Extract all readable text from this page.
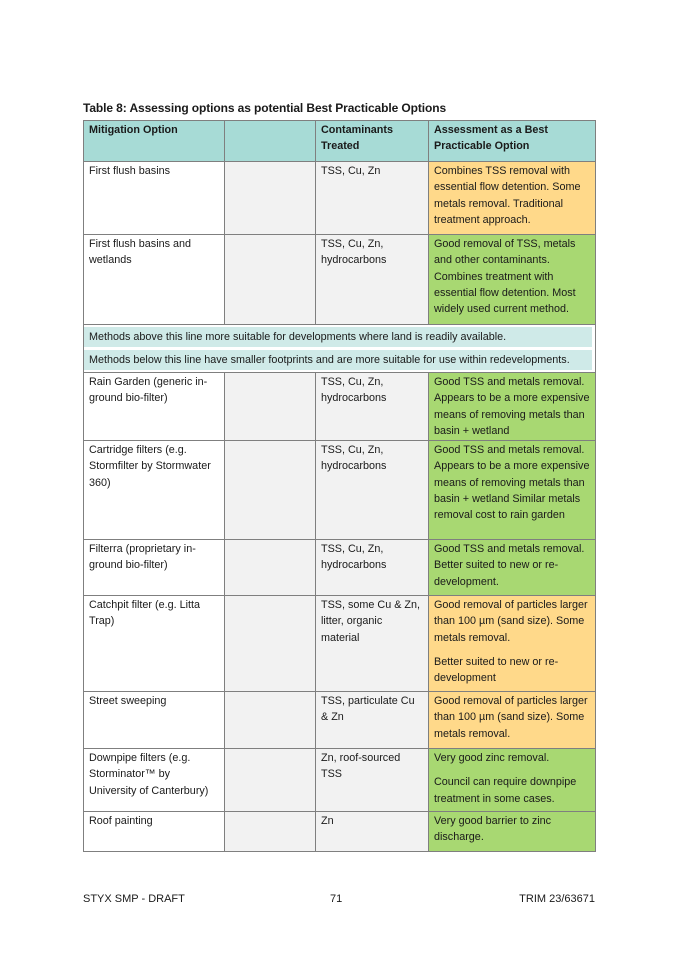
Table 8: Assessing options as potential Best Practicable Options
Mitigation Option		Contaminants Treated	Assessment as a Best Practicable Option
First flush basins		TSS, Cu, Zn	Combines TSS removal with essential flow detention. Some metals removal. Traditional treatment approach.

First flush basins and wetlands		TSS, Cu, Zn, hydrocarbons	Good removal of TSS, metals and other contaminants. Combines treatment with essential flow detention. Most widely used current method.

Methods above this line more suitable for developments where land is readily available.
Methods below this line have smaller footprints and are more suitable for use within redevelopments.			

Rain Garden (generic in-ground bio-filter)		TSS, Cu, Zn, hydrocarbons	Good TSS and metals removal. Appears to be a more expensive means of removing metals than basin + wetland

Cartridge filters (e.g. Stormfilter by Stormwater 360)		TSS, Cu, Zn, hydrocarbons	Good TSS and metals removal. Appears to be a more expensive means of removing metals than basin + wetland Similar metals removal cost to rain garden

Filterra (proprietary in-ground bio-filter)		TSS, Cu, Zn, hydrocarbons	Good TSS and metals removal. Better suited to new or re-development.

Catchpit filter (e.g. Litta Trap)		TSS, some Cu & Zn, litter, organic material	Good removal of particles larger than 100 µm (sand size). Some metals removal.
Better suited to new or re-development

Street sweeping		TSS, particulate Cu & Zn	Good removal of particles larger than 100 µm (sand size). Some metals removal.

Downpipe filters (e.g. Storminator™ by University of Canterbury)		Zn, roof-sourced TSS	Very good zinc removal.
Council can require downpipe treatment in some cases.

Roof painting		Zn	Very good barrier to zinc discharge.
STYX SMP - DRAFT	71	TRIM 23/63671
